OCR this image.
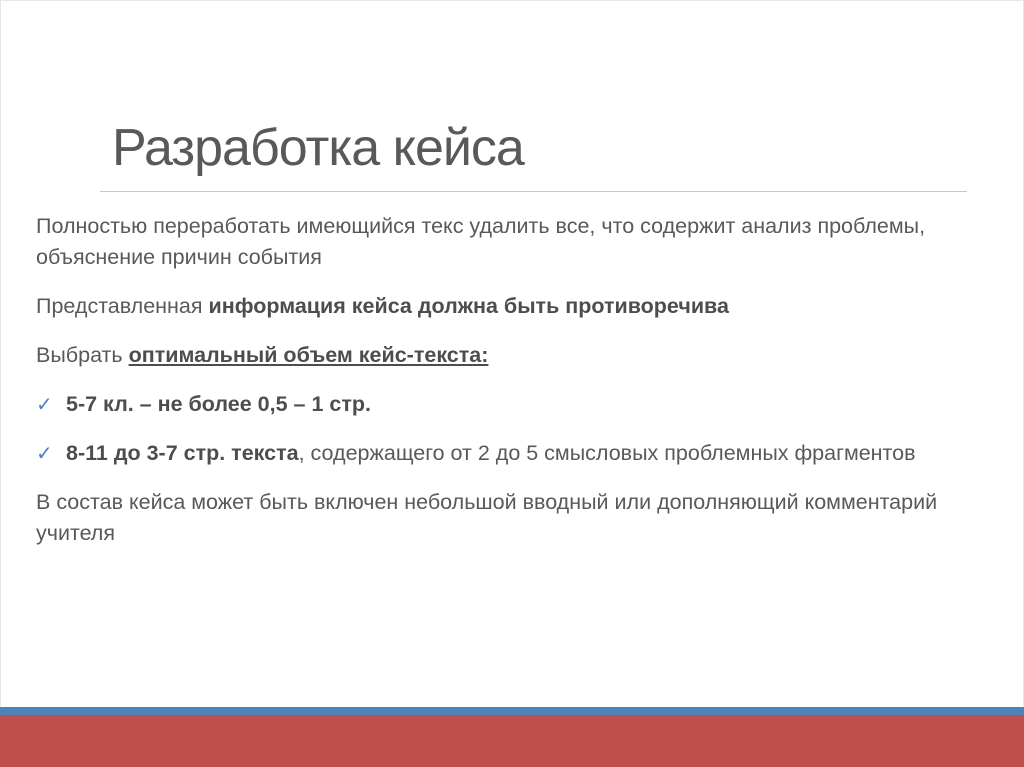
Разработка кейса

Полностью переработать имеющийся текс удалить все, что содержит анализ проблемы, объяснение причин события

Представленная информация кейса должна быть противоречива

Выбрать оптимальный объем кейс-текста:

✓ 5-7 кл. – не более 0,5 – 1 стр.
✓ 8-11 до 3-7 стр. текста, содержащего от 2 до 5 смысловых проблемных фрагментов

В состав кейса может быть включен небольшой вводный или дополняющий комментарий учителя
